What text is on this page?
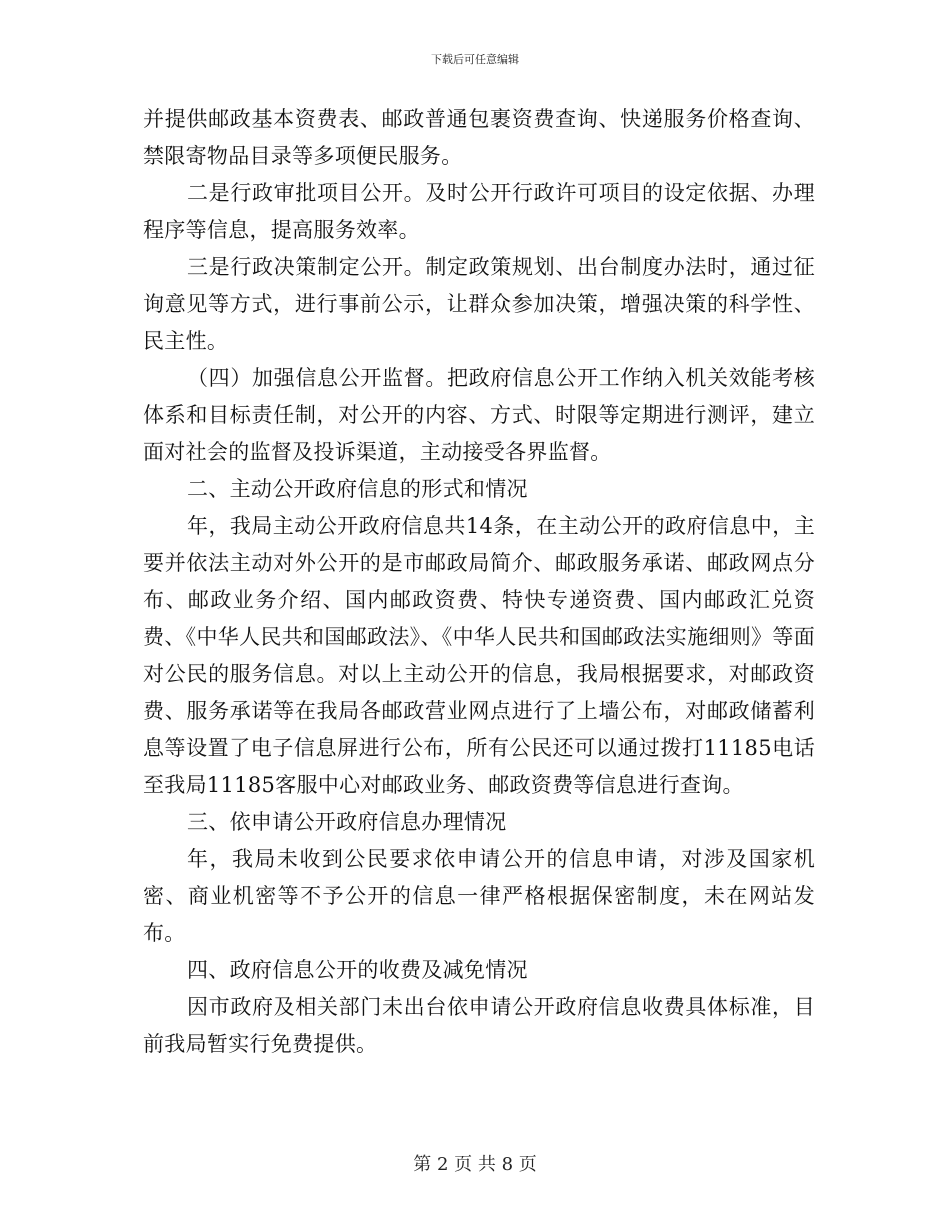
下载后可任意编辑

并提供邮政基本资费表、邮政普通包裹资费查询、快递服务价格查询、禁限寄物品目录等多项便民服务。

二是行政审批项目公开。及时公开行政许可项目的设定依据、办理程序等信息，提高服务效率。

三是行政决策制定公开。制定政策规划、出台制度办法时，通过征询意见等方式，进行事前公示，让群众参加决策，增强决策的科学性、民主性。

（四）加强信息公开监督。把政府信息公开工作纳入机关效能考核体系和目标责任制，对公开的内容、方式、时限等定期进行测评，建立面对社会的监督及投诉渠道，主动接受各界监督。

二、主动公开政府信息的形式和情况

年，我局主动公开政府信息共14条，在主动公开的政府信息中，主要并依法主动对外公开的是市邮政局简介、邮政服务承诺、邮政网点分布、邮政业务介绍、国内邮政资费、特快专递资费、国内邮政汇兑资费、《中华人民共和国邮政法》、《中华人民共和国邮政法实施细则》等面对公民的服务信息。对以上主动公开的信息，我局根据要求，对邮政资费、服务承诺等在我局各邮政营业网点进行了上墙公布，对邮政储蓄利息等设置了电子信息屏进行公布，所有公民还可以通过拨打11185电话至我局11185客服中心对邮政业务、邮政资费等信息进行查询。

三、依申请公开政府信息办理情况

年，我局未收到公民要求依申请公开的信息申请，对涉及国家机密、商业机密等不予公开的信息一律严格根据保密制度，未在网站发布。

四、政府信息公开的收费及减免情况

因市政府及相关部门未出台依申请公开政府信息收费具体标准，目前我局暂实行免费提供。

第 2 页 共 8 页
